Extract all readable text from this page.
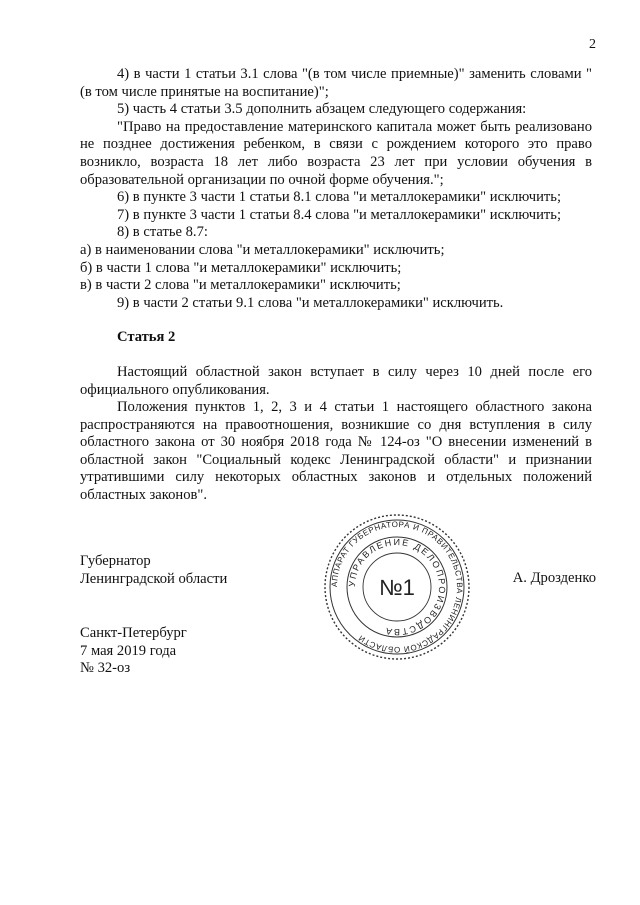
2

4) в части 1 статьи 3.1 слова "(в том числе приемные)" заменить словами "(в том числе принятые на воспитание)";

5) часть 4 статьи 3.5 дополнить абзацем следующего содержания:

"Право на предоставление материнского капитала может быть реализовано не позднее достижения ребенком, в связи с рождением которого это право возникло, возраста 18 лет либо возраста 23 лет при условии обучения в образовательной организации по очной форме обучения.";

6) в пункте 3 части 1 статьи 8.1 слова "и металлокерамики" исключить;

7) в пункте 3 части 1 статьи 8.4 слова "и металлокерамики" исключить;

8) в статье 8.7:

а) в наименовании слова "и металлокерамики" исключить;

б) в части 1 слова "и металлокерамики" исключить;

в) в части 2 слова "и металлокерамики" исключить;

9) в части 2 статьи 9.1 слова "и металлокерамики" исключить.

Статья 2

Настоящий областной закон вступает в силу через 10 дней после его официального опубликования.

Положения пунктов 1, 2, 3 и 4 статьи 1 настоящего областного закона распространяются на правоотношения, возникшие со дня вступления в силу областного закона от 30 ноября 2018 года № 124-оз "О внесении изменений в областной закон "Социальный кодекс Ленинградской области" и признании утратившими силу некоторых областных законов и отдельных положений областных законов".

Губернатор
Ленинградской области	АППАРАТ ГУБЕРНАТОРА И ПРАВИТЕЛЬСТВА ЛЕНИНГРАДСКОЙ ОБЛАСТИ
УПРАВЛЕНИЕ ДЕЛОПРОИЗВОДСТВА
№1	А. Дрозденко
Санкт-Петербург
7 мая 2019 года
№ 32-оз
